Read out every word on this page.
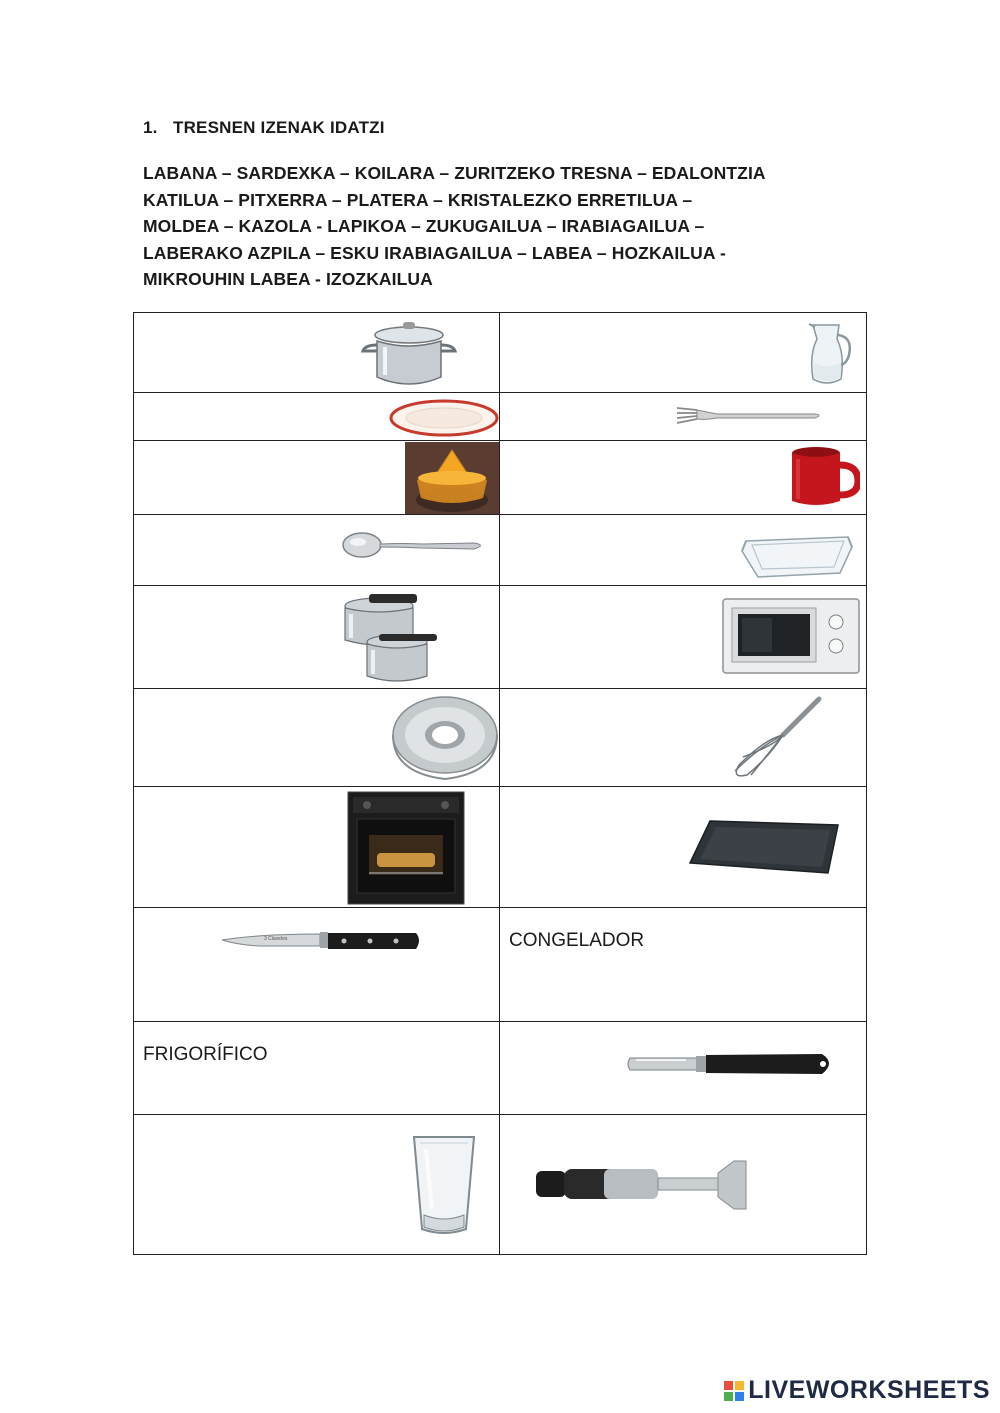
1. TRESNEN IZENAK IDATZI
LABANA – SARDEXKA – KOILARA – ZURITZEKO TRESNA – EDALONTZIA
KATILUA – PITXERRA – PLATERA – KRISTALEZKO ERRETILUA –
MOLDEA – KAZOLA - LAPIKOA – ZUKUGAILUA – IRABIAGAILUA –
LABERAKO AZPILA – ESKU IRABIAGAILUA – LABEA – HOZKAILUA -
MIKROUHIN LABEA - IZOZKAILUA

3 Claveles	CONGELADOR

FRIGORÍFICO

LIVEWORKSHEETS
